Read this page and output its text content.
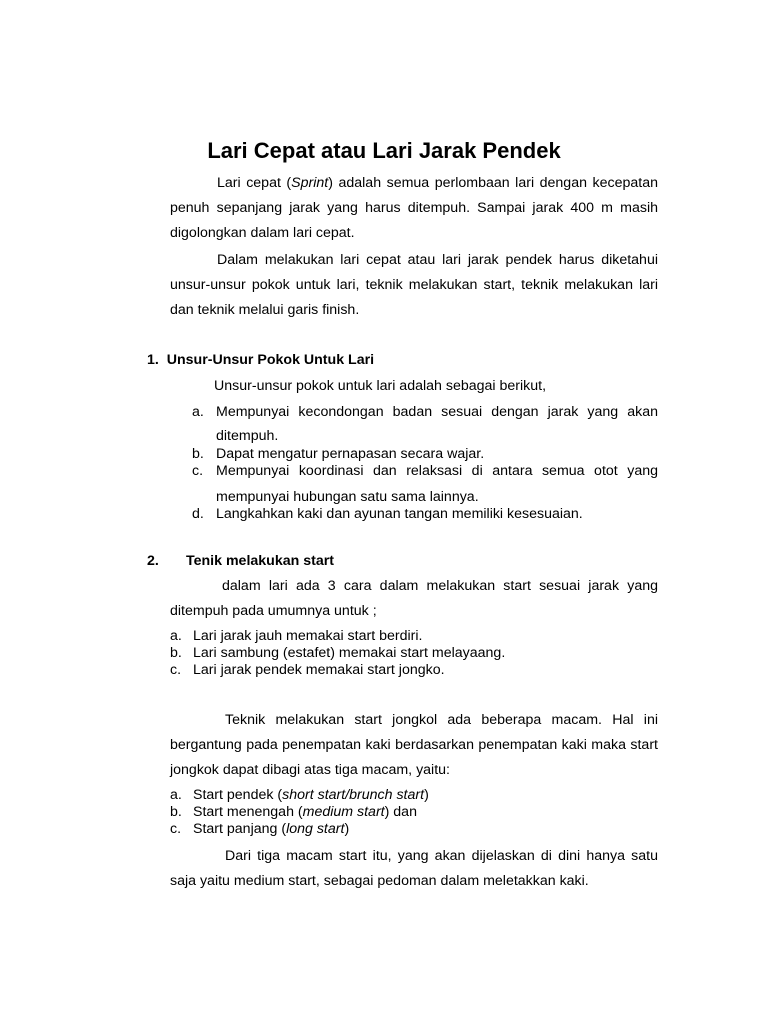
Lari Cepat atau Lari Jarak Pendek
Lari cepat (Sprint) adalah semua perlombaan lari dengan kecepatan penuh sepanjang jarak yang harus ditempuh. Sampai jarak 400 m masih digolongkan dalam lari cepat.
Dalam melakukan lari cepat atau lari jarak pendek harus diketahui unsur-unsur pokok untuk lari, teknik melakukan start, teknik melakukan lari dan teknik melalui garis finish.
1. Unsur-Unsur Pokok Untuk Lari
Unsur-unsur pokok untuk lari adalah sebagai berikut,
a. Mempunyai kecondongan badan sesuai dengan jarak yang akan ditempuh.
b. Dapat mengatur pernapasan secara wajar.
c. Mempunyai koordinasi dan relaksasi di antara semua otot yang mempunyai hubungan satu sama lainnya.
d. Langkahkan kaki dan ayunan tangan memiliki kesesuaian.
2. Tenik melakukan start
dalam lari ada 3 cara dalam melakukan start sesuai jarak yang ditempuh pada umumnya untuk ;
a. Lari jarak jauh memakai start berdiri.
b. Lari sambung (estafet) memakai start melayaang.
c. Lari jarak pendek memakai start jongko.
Teknik melakukan start jongkol ada beberapa macam. Hal ini bergantung pada penempatan kaki berdasarkan penempatan kaki maka start jongkok dapat dibagi atas tiga macam, yaitu:
a. Start pendek (short start/brunch start)
b. Start menengah (medium start) dan
c. Start panjang (long start)
Dari tiga macam start itu, yang akan dijelaskan di dini hanya satu saja yaitu medium start, sebagai pedoman dalam meletakkan kaki.
